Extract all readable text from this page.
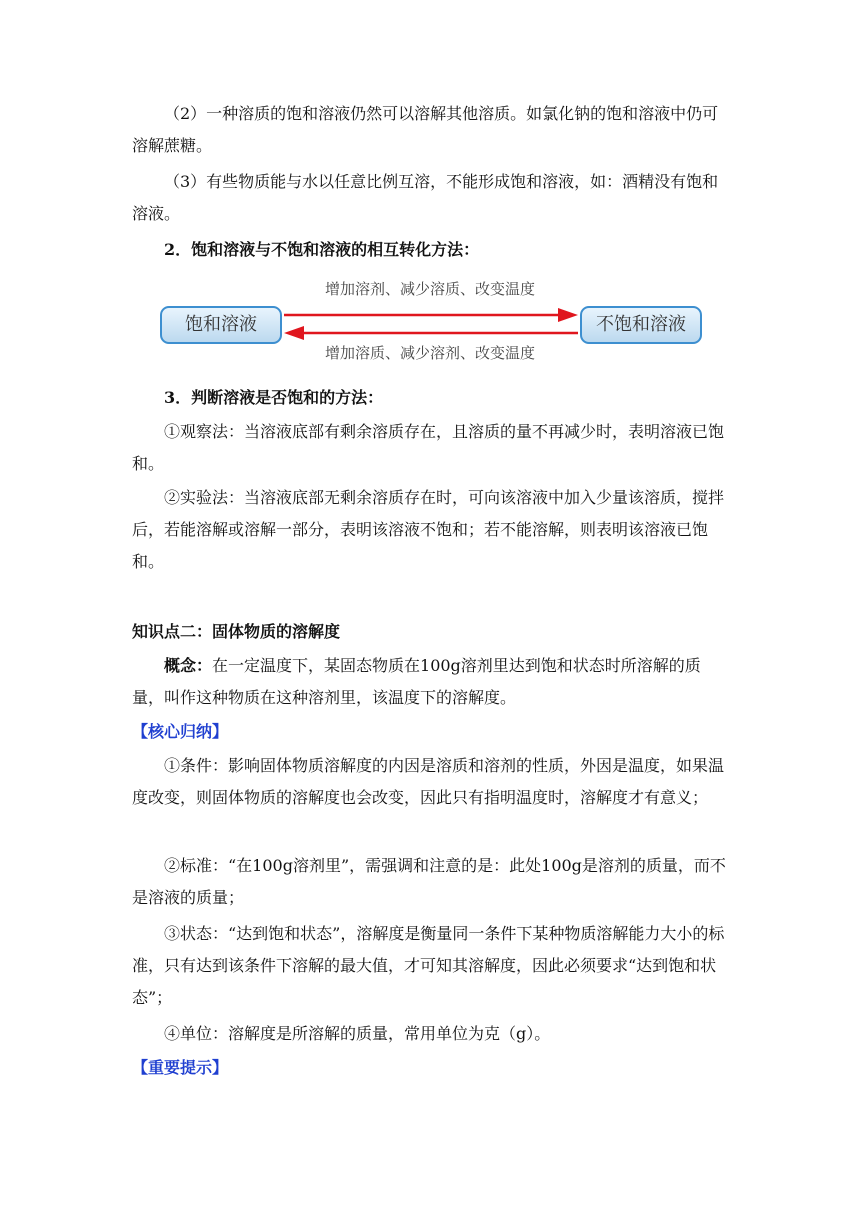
（2）一种溶质的饱和溶液仍然可以溶解其他溶质。如氯化钠的饱和溶液中仍可溶解蔗糖。

（3）有些物质能与水以任意比例互溶，不能形成饱和溶液，如：酒精没有饱和溶液。

2．饱和溶液与不饱和溶液的相互转化方法：

增加溶剂、减少溶质、改变温度
饱和溶液	不饱和溶液
增加溶质、减少溶剂、改变温度

3．判断溶液是否饱和的方法：

①观察法：当溶液底部有剩余溶质存在，且溶质的量不再减少时，表明溶液已饱和。

②实验法：当溶液底部无剩余溶质存在时，可向该溶液中加入少量该溶质，搅拌后，若能溶解或溶解一部分，表明该溶液不饱和；若不能溶解，则表明该溶液已饱和。

知识点二：固体物质的溶解度

概念：在一定温度下，某固态物质在100g溶剂里达到饱和状态时所溶解的质量，叫作这种物质在这种溶剂里，该温度下的溶解度。

【核心归纳】

①条件：影响固体物质溶解度的内因是溶质和溶剂的性质，外因是温度，如果温度改变，则固体物质的溶解度也会改变，因此只有指明温度时，溶解度才有意义；

②标准：“在100g溶剂里”，需强调和注意的是：此处100g是溶剂的质量，而不是溶液的质量；

③状态：“达到饱和状态”，溶解度是衡量同一条件下某种物质溶解能力大小的标准，只有达到该条件下溶解的最大值，才可知其溶解度，因此必须要求“达到饱和状态”；

④单位：溶解度是所溶解的质量，常用单位为克（g）。

【重要提示】
